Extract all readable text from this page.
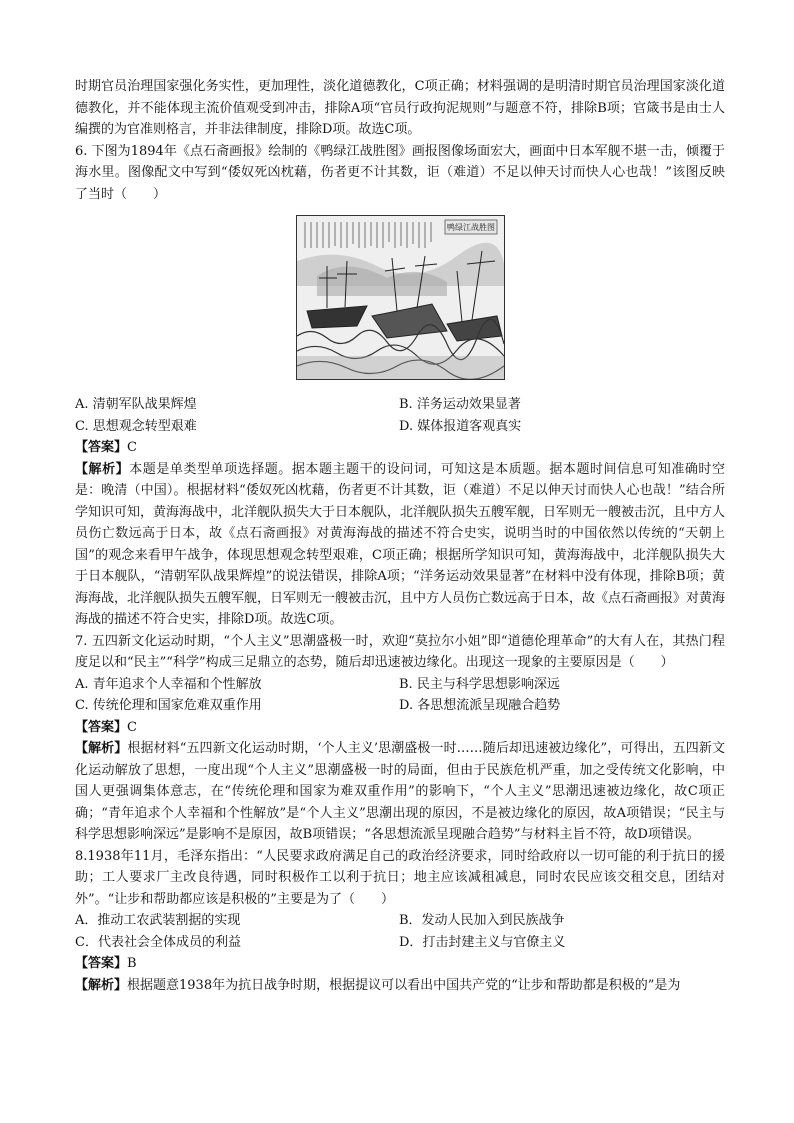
时期官员治理国家强化务实性，更加理性，淡化道德教化，C项正确；材料强调的是明清时期官员治理国家淡化道德教化，并不能体现主流价值观受到冲击，排除A项“官员行政拘泥规则”与题意不符，排除B项；官箴书是由士人编撰的为官准则格言，并非法律制度，排除D项。故选C项。

6. 下图为1894年《点石斋画报》绘制的《鸭绿江战胜图》画报图像场面宏大，画面中日本军舰不堪一击，倾覆于海水里。图像配文中写到“倭奴死凶枕藉，伤者更不计其数，讵（难道）不足以伸天讨而快人心也哉！”该图反映了当时（　　）

鸭绿江战胜图
A. 清朝军队战果辉煌	B. 洋务运动效果显著
C. 思想观念转型艰难	D. 媒体报道客观真实
【答案】C

【解析】本题是单类型单项选择题。据本题主题干的设问词，可知这是本质题。据本题时间信息可知准确时空是：晚清（中国）。根据材料“倭奴死凶枕藉，伤者更不计其数，讵（难道）不足以伸天讨而快人心也哉！”结合所学知识可知，黄海海战中，北洋舰队损失大于日本舰队，北洋舰队损失五艘军舰，日军则无一艘被击沉，且中方人员伤亡数远高于日本，故《点石斋画报》对黄海海战的描述不符合史实，说明当时的中国依然以传统的“天朝上国”的观念来看甲午战争，体现思想观念转型艰难，C项正确；根据所学知识可知，黄海海战中，北洋舰队损失大于日本舰队，“清朝军队战果辉煌”的说法错误，排除A项；“洋务运动效果显著”在材料中没有体现，排除B项；黄海海战，北洋舰队损失五艘军舰，日军则无一艘被击沉，且中方人员伤亡数远高于日本，故《点石斋画报》对黄海海战的描述不符合史实，排除D项。故选C项。

7. 五四新文化运动时期，“个人主义”思潮盛极一时，欢迎“莫拉尔小姐”即“道德伦理革命”的大有人在，其热门程度足以和“民主”“科学”构成三足鼎立的态势，随后却迅速被边缘化。出现这一现象的主要原因是（　　）

A. 青年追求个人幸福和个性解放	B. 民主与科学思想影响深远
C. 传统伦理和国家危难双重作用	D. 各思想流派呈现融合趋势
【答案】C

【解析】根据材料“五四新文化运动时期，‘个人主义’思潮盛极一时……随后却迅速被边缘化”，可得出，五四新文化运动解放了思想，一度出现“个人主义”思潮盛极一时的局面，但由于民族危机严重，加之受传统文化影响，中国人更强调集体意志，在“传统伦理和国家为难双重作用”的影响下，“个人主义”思潮迅速被边缘化，故C项正确；“青年追求个人幸福和个性解放”是“个人主义”思潮出现的原因，不是被边缘化的原因，故A项错误；“民主与科学思想影响深远”是影响不是原因，故B项错误；“各思想流派呈现融合趋势”与材料主旨不符，故D项错误。

8.1938年11月，毛泽东指出：“人民要求政府满足自己的政治经济要求，同时给政府以一切可能的利于抗日的援助；工人要求厂主改良待遇，同时积极作工以利于抗日；地主应该减租减息，同时农民应该交租交息，团结对外”。“让步和帮助都应该是积极的”主要是为了（　　）

A．推动工农武装割据的实现	B．发动人民加入到民族战争
C．代表社会全体成员的利益	D．打击封建主义与官僚主义
【答案】B

【解析】根据题意1938年为抗日战争时期，根据提议可以看出中国共产党的“让步和帮助都是积极的”是为
